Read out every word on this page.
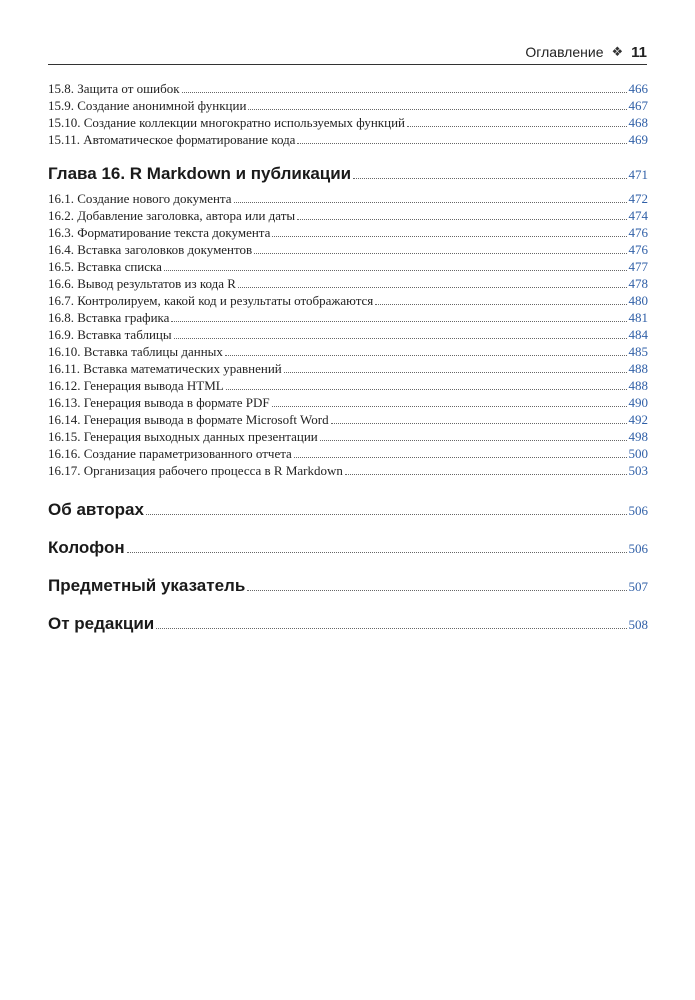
Оглавление ❖ 11
15.8. Защита от ошибок	466
15.9. Создание анонимной функции	467
15.10. Создание коллекции многократно используемых функций	468
15.11. Автоматическое форматирование кода	469
Глава 16. R Markdown и публикации	471
16.1. Создание нового документа	472
16.2. Добавление заголовка, автора или даты	474
16.3. Форматирование текста документа	476
16.4. Вставка заголовков документов	476
16.5. Вставка списка	477
16.6. Вывод результатов из кода R	478
16.7. Контролируем, какой код и результаты отображаются	480
16.8. Вставка графика	481
16.9. Вставка таблицы	484
16.10. Вставка таблицы данных	485
16.11. Вставка математических уравнений	488
16.12. Генерация вывода HTML	488
16.13. Генерация вывода в формате PDF	490
16.14. Генерация вывода в формате Microsoft Word	492
16.15. Генерация выходных данных презентации	498
16.16. Создание параметризованного отчета	500
16.17. Организация рабочего процесса в R Markdown	503
Об авторах	506
Колофон	506
Предметный указатель	507
От редакции	508
